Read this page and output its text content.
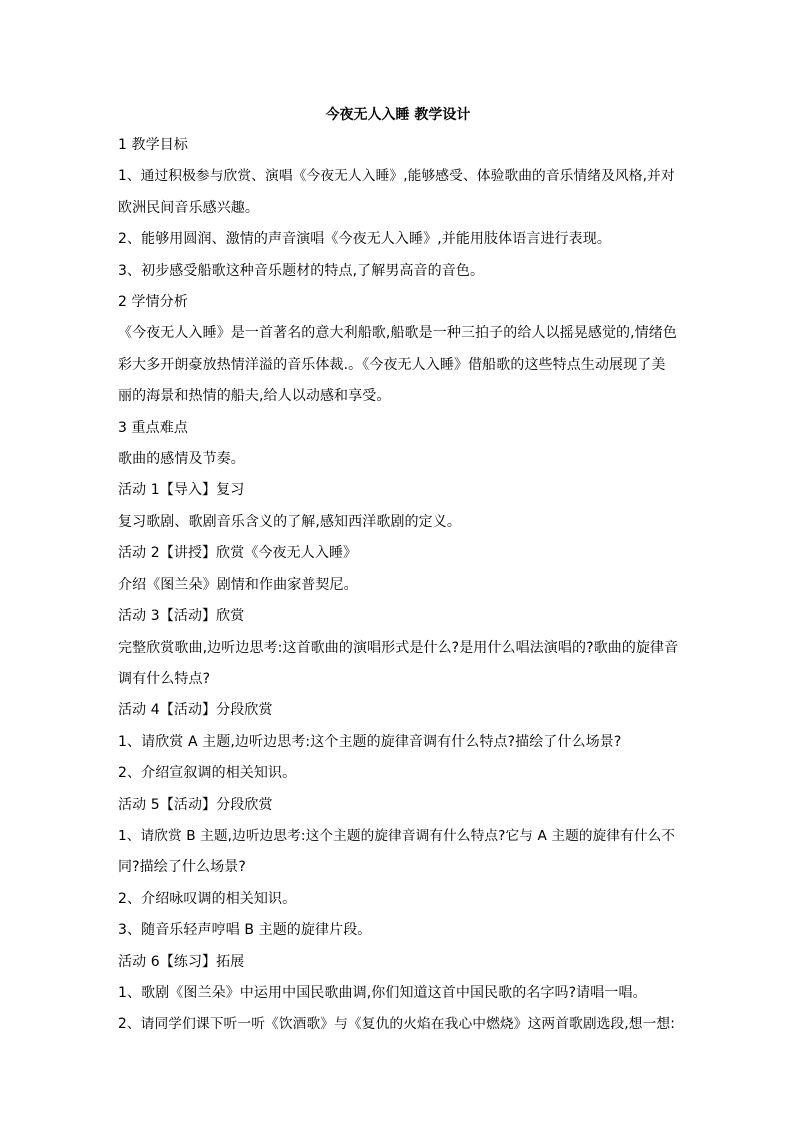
今夜无人入睡 教学设计
1 教学目标
1、通过积极参与欣赏、演唱《今夜无人入睡》,能够感受、体验歌曲的音乐情绪及风格,并对
欧洲民间音乐感兴趣。
2、能够用圆润、激情的声音演唱《今夜无人入睡》,并能用肢体语言进行表现。
3、初步感受船歌这种音乐题材的特点,了解男高音的音色。
2 学情分析
《今夜无人入睡》是一首著名的意大利船歌,船歌是一种三拍子的给人以摇晃感觉的,情绪色
彩大多开朗豪放热情洋溢的音乐体裁.。《今夜无人入睡》借船歌的这些特点生动展现了美
丽的海景和热情的船夫,给人以动感和享受。
3 重点难点
歌曲的感情及节奏。
活动 1【导入】复习
复习歌剧、歌剧音乐含义的了解,感知西洋歌剧的定义。
活动 2【讲授】欣赏《今夜无人入睡》
介绍《图兰朵》剧情和作曲家普契尼。
活动 3【活动】欣赏
完整欣赏歌曲,边听边思考:这首歌曲的演唱形式是什么?是用什么唱法演唱的?歌曲的旋律音
调有什么特点?
活动 4【活动】分段欣赏
1、请欣赏 A 主题,边听边思考:这个主题的旋律音调有什么特点?描绘了什么场景?
2、介绍宣叙调的相关知识。
活动 5【活动】分段欣赏
1、请欣赏 B 主题,边听边思考:这个主题的旋律音调有什么特点?它与 A 主题的旋律有什么不
同?描绘了什么场景?
2、介绍咏叹调的相关知识。
3、随音乐轻声哼唱 B 主题的旋律片段。
活动 6【练习】拓展
1、歌剧《图兰朵》中运用中国民歌曲调,你们知道这首中国民歌的名字吗?请唱一唱。
2、请同学们课下听一听《饮酒歌》与《复仇的火焰在我心中燃烧》这两首歌剧选段,想一想:
